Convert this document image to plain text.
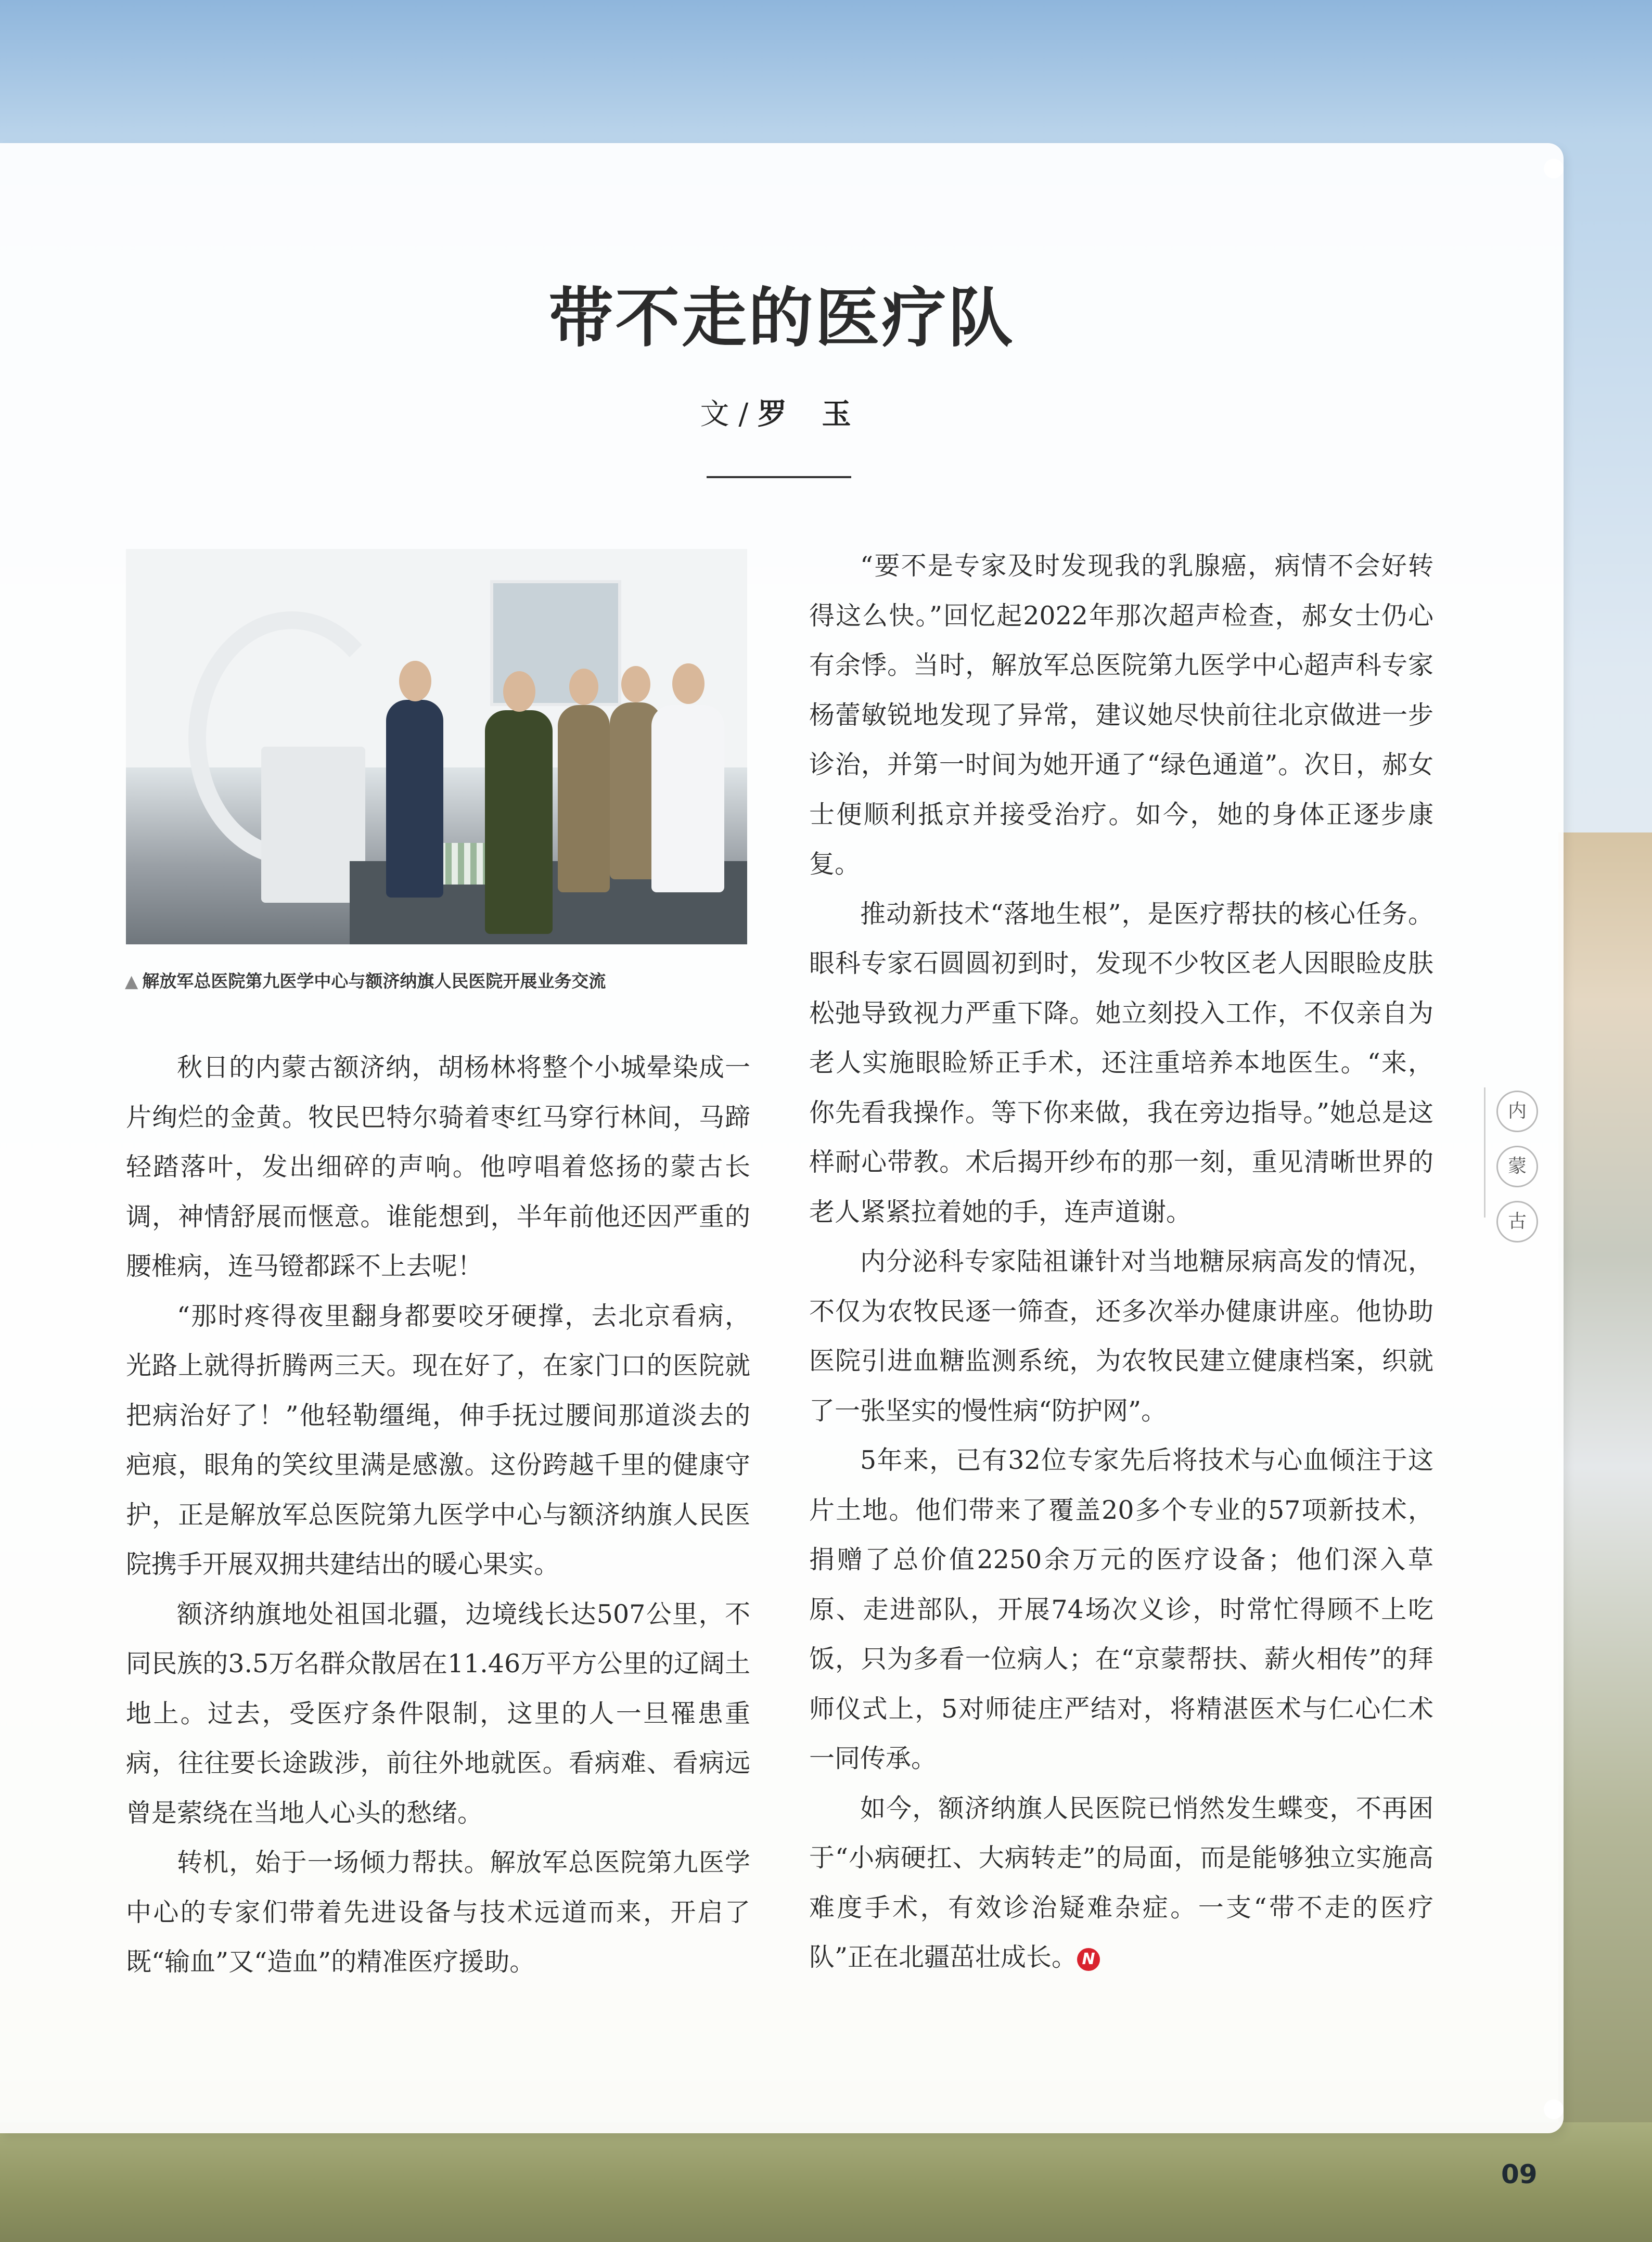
带不走的医疗队
文 / 罗 玉
▲ 解放军总医院第九医学中心与额济纳旗人民医院开展业务交流

秋日的内蒙古额济纳，胡杨林将整个小城晕染成一片绚烂的金黄。牧民巴特尔骑着枣红马穿行林间，马蹄轻踏落叶，发出细碎的声响。他哼唱着悠扬的蒙古长调，神情舒展而惬意。谁能想到，半年前他还因严重的腰椎病，连马镫都踩不上去呢！

“那时疼得夜里翻身都要咬牙硬撑，去北京看病，光路上就得折腾两三天。现在好了，在家门口的医院就把病治好了！”他轻勒缰绳，伸手抚过腰间那道淡去的疤痕，眼角的笑纹里满是感激。这份跨越千里的健康守护，正是解放军总医院第九医学中心与额济纳旗人民医院携手开展双拥共建结出的暖心果实。

额济纳旗地处祖国北疆，边境线长达507公里，不同民族的3.5万名群众散居在11.46万平方公里的辽阔土地上。过去，受医疗条件限制，这里的人一旦罹患重病，往往要长途跋涉，前往外地就医。看病难、看病远曾是萦绕在当地人心头的愁绪。

转机，始于一场倾力帮扶。解放军总医院第九医学中心的专家们带着先进设备与技术远道而来，开启了既“输血”又“造血”的精准医疗援助。

“要不是专家及时发现我的乳腺癌，病情不会好转得这么快。”回忆起2022年那次超声检查，郝女士仍心有余悸。当时，解放军总医院第九医学中心超声科专家杨蕾敏锐地发现了异常，建议她尽快前往北京做进一步诊治，并第一时间为她开通了“绿色通道”。次日，郝女士便顺利抵京并接受治疗。如今，她的身体正逐步康复。

推动新技术“落地生根”，是医疗帮扶的核心任务。眼科专家石圆圆初到时，发现不少牧区老人因眼睑皮肤松弛导致视力严重下降。她立刻投入工作，不仅亲自为老人实施眼睑矫正手术，还注重培养本地医生。“来，你先看我操作。等下你来做，我在旁边指导。”她总是这样耐心带教。术后揭开纱布的那一刻，重见清晰世界的老人紧紧拉着她的手，连声道谢。

内分泌科专家陆祖谦针对当地糖尿病高发的情况，不仅为农牧民逐一筛查，还多次举办健康讲座。他协助医院引进血糖监测系统，为农牧民建立健康档案，织就了一张坚实的慢性病“防护网”。

5年来，已有32位专家先后将技术与心血倾注于这片土地。他们带来了覆盖20多个专业的57项新技术，捐赠了总价值2250余万元的医疗设备；他们深入草原、走进部队，开展74场次义诊，时常忙得顾不上吃饭，只为多看一位病人；在“京蒙帮扶、薪火相传”的拜师仪式上，5对师徒庄严结对，将精湛医术与仁心仁术一同传承。

如今，额济纳旗人民医院已悄然发生蝶变，不再困于“小病硬扛、大病转走”的局面，而是能够独立实施高难度手术，有效诊治疑难杂症。一支“带不走的医疗队”正在北疆茁壮成长。 N

内
蒙
古
09
